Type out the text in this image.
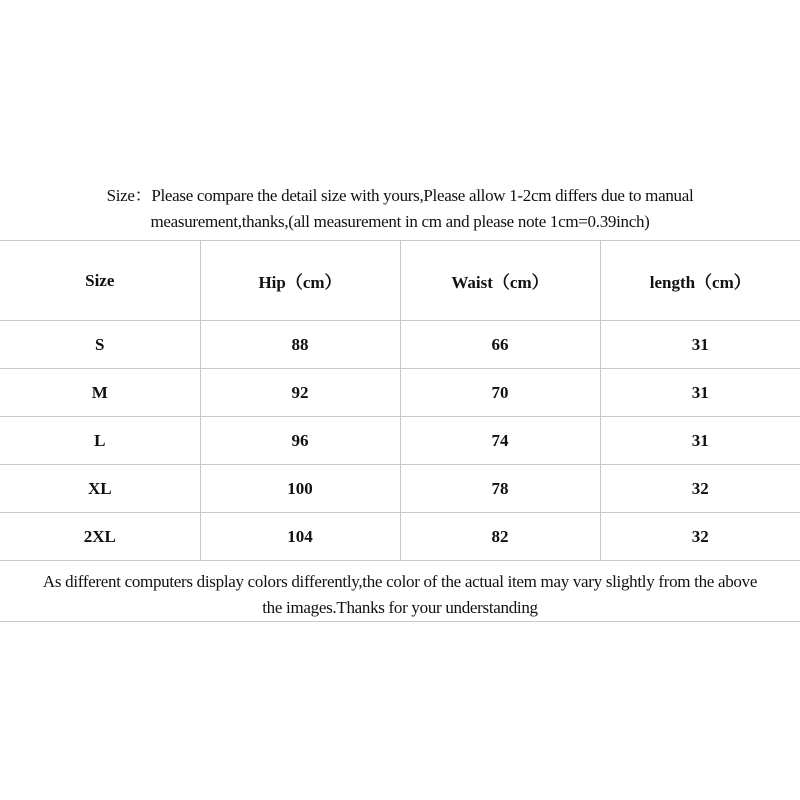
Size：Please compare the detail size with yours,Please allow 1-2cm differs due to manual
measurement,thanks,(all measurement in cm and please note 1cm=0.39inch)
Size	Hip（cm）	Waist（cm）	length（cm）
S	88	66	31
M	92	70	31
L	96	74	31
XL	100	78	32
2XL	104	82	32
As different computers display colors differently,the color of the actual item may vary slightly from the above
the images.Thanks for your understanding
